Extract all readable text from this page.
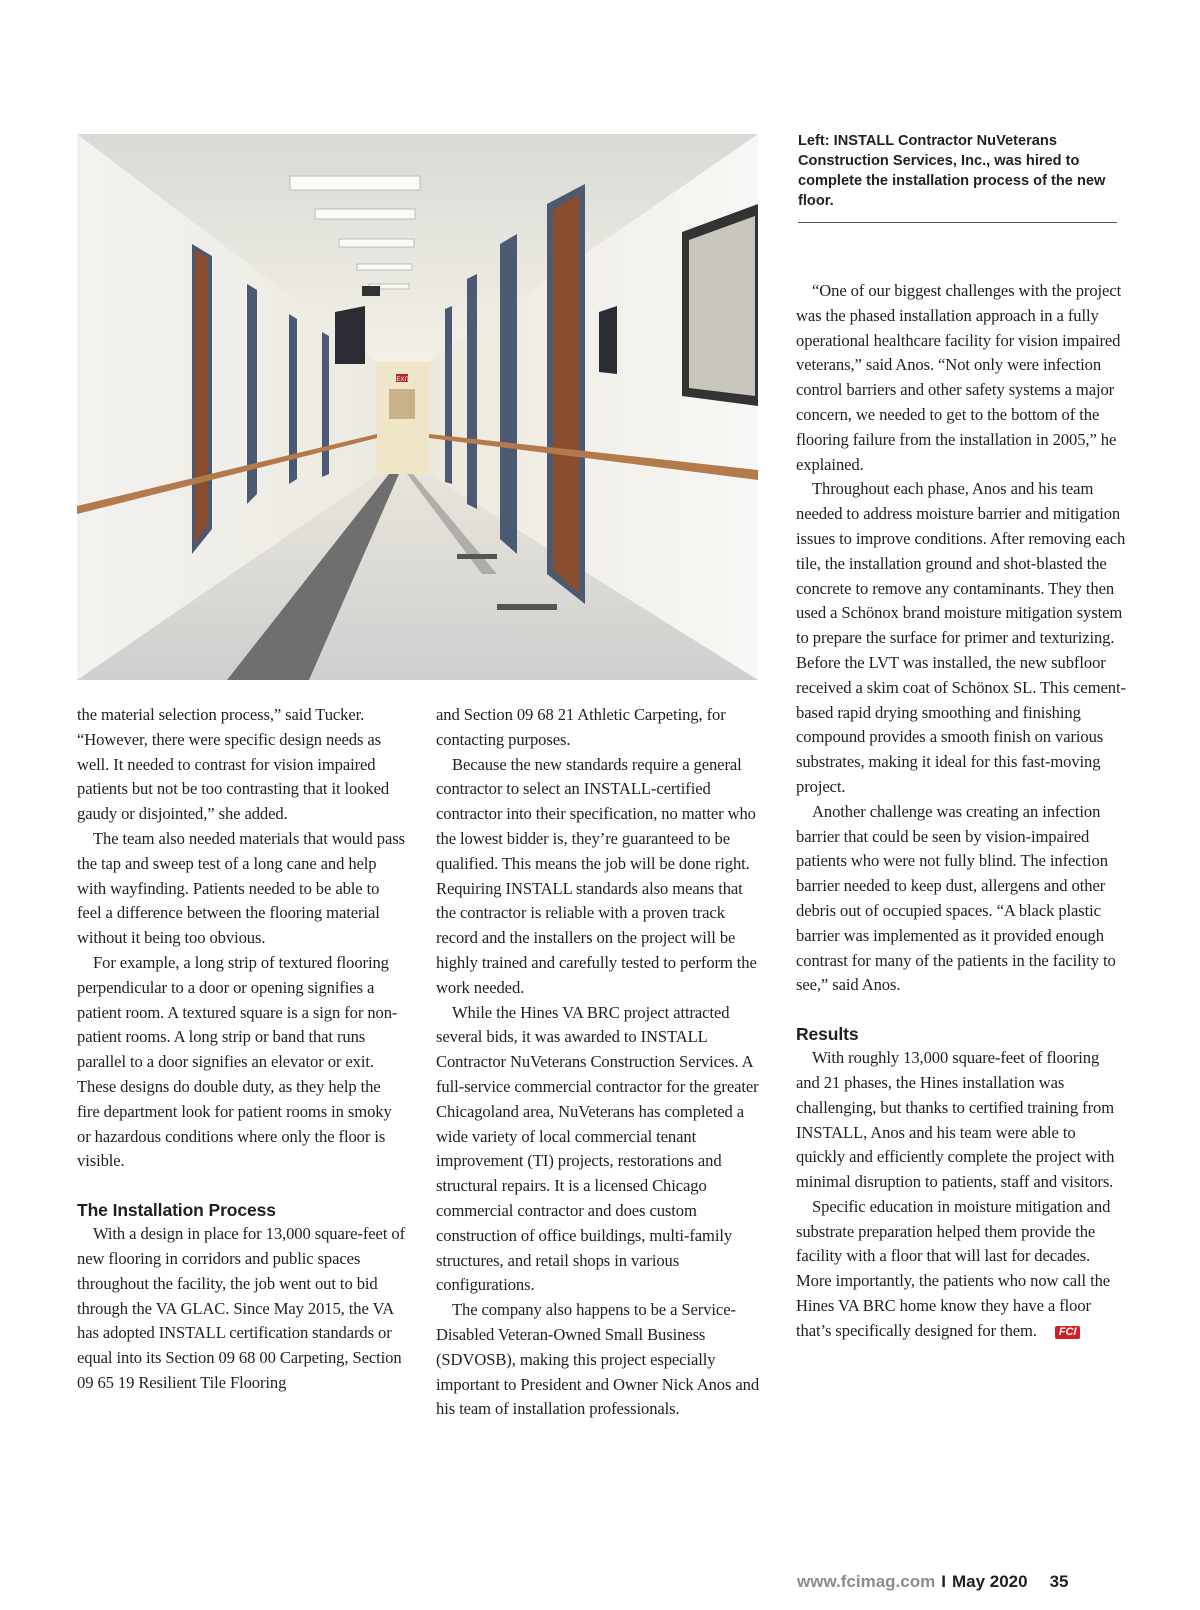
EXIT

Left: INSTALL Contractor NuVeterans Construction Services, Inc., was hired to complete the installation process of the new floor.

the material selection process,” said Tucker. “However, there were specific design needs as well. It needed to contrast for vision impaired patients but not be too contrasting that it looked gaudy or disjointed,” she added.

The team also needed materials that would pass the tap and sweep test of a long cane and help with wayfinding. Patients needed to be able to feel a difference between the flooring material without it being too obvious.

For example, a long strip of textured flooring perpendicular to a door or opening signifies a patient room. A textured square is a sign for non-patient rooms. A long strip or band that runs parallel to a door signifies an elevator or exit. These designs do double duty, as they help the fire department look for patient rooms in smoky or hazardous conditions where only the floor is visible.

The Installation Process

With a design in place for 13,000 square-feet of new flooring in corridors and public spaces throughout the facility, the job went out to bid through the VA GLAC. Since May 2015, the VA has adopted INSTALL certification standards or equal into its Section 09 68 00 Carpeting, Section 09 65 19 Resilient Tile Flooring

and Section 09 68 21 Athletic Carpeting, for contacting purposes.

Because the new standards require a general contractor to select an INSTALL-certified contractor into their specification, no matter who the lowest bidder is, they’re guaranteed to be qualified. This means the job will be done right. Requiring INSTALL standards also means that the contractor is reliable with a proven track record and the installers on the project will be highly trained and carefully tested to perform the work needed.

While the Hines VA BRC project attracted several bids, it was awarded to INSTALL Contractor NuVeterans Construction Services. A full-service commercial contractor for the greater Chicagoland area, NuVeterans has completed a wide variety of local commercial tenant improvement (TI) projects, restorations and structural repairs. It is a licensed Chicago commercial contractor and does custom construction of office buildings, multi-family structures, and retail shops in various configurations.

The company also happens to be a Service-Disabled Veteran-Owned Small Business (SDVOSB), making this project especially important to President and Owner Nick Anos and his team of installation professionals.

“One of our biggest challenges with the project was the phased installation approach in a fully operational healthcare facility for vision impaired veterans,” said Anos. “Not only were infection control barriers and other safety systems a major concern, we needed to get to the bottom of the flooring failure from the installation in 2005,” he explained.

Throughout each phase, Anos and his team needed to address moisture barrier and mitigation issues to improve conditions. After removing each tile, the installation ground and shot-blasted the concrete to remove any contaminants. They then used a Schönox brand moisture mitigation system to prepare the surface for primer and texturizing. Before the LVT was installed, the new subfloor received a skim coat of Schönox SL. This cement-based rapid drying smoothing and finishing compound provides a smooth finish on various substrates, making it ideal for this fast-moving project.

Another challenge was creating an infection barrier that could be seen by vision-impaired patients who were not fully blind. The infection barrier needed to keep dust, allergens and other debris out of occupied spaces. “A black plastic barrier was implemented as it provided enough contrast for many of the patients in the facility to see,” said Anos.

Results

With roughly 13,000 square-feet of flooring and 21 phases, the Hines installation was challenging, but thanks to certified training from INSTALL, Anos and his team were able to quickly and efficiently complete the project with minimal disruption to patients, staff and visitors.

Specific education in moisture mitigation and substrate preparation helped them provide the facility with a floor that will last for decades. More importantly, the patients who now call the Hines VA BRC home know they have a floor that’s specifically designed for them. FCI

www.fcimag.com I May 2020 35
